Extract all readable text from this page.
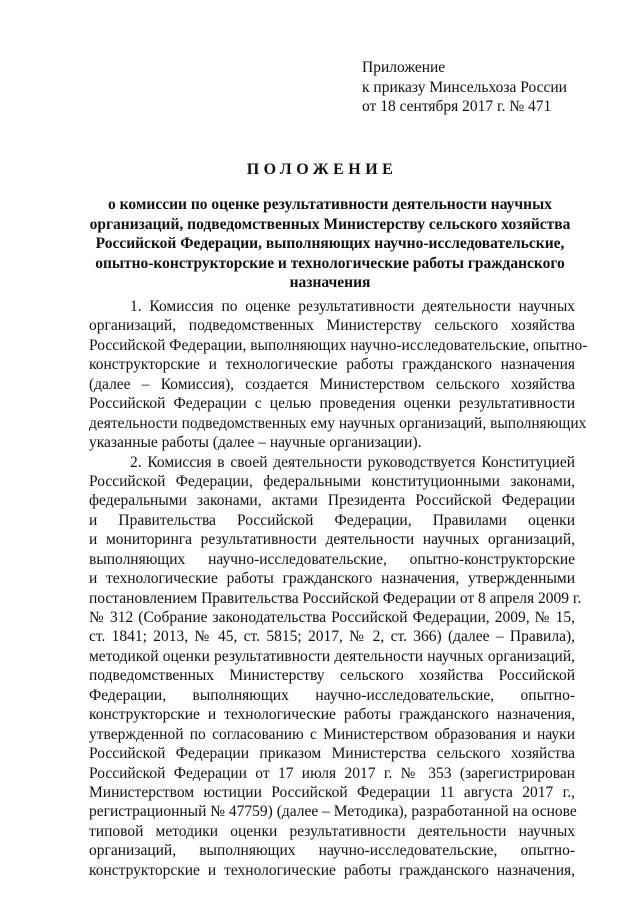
Приложение
к приказу Минсельхоза России
от 18 сентября 2017 г. № 471
ПОЛОЖЕНИЕ
о комиссии по оценке результативности деятельности научных
организаций, подведомственных Министерству сельского хозяйства
Российской Федерации, выполняющих научно-исследовательские,
опытно-конструкторские и технологические работы гражданского
назначения
1. Комиссия по оценке результативности деятельности научных
организаций, подведомственных Министерству сельского хозяйства
Российской Федерации, выполняющих научно-исследовательские, опытно-
конструкторские и технологические работы гражданского назначения
(далее – Комиссия), создается Министерством сельского хозяйства
Российской Федерации с целью проведения оценки результативности
деятельности подведомственных ему научных организаций, выполняющих
указанные работы (далее – научные организации).
2. Комиссия в своей деятельности руководствуется Конституцией
Российской Федерации, федеральными конституционными законами,
федеральными законами, актами Президента Российской Федерации
и Правительства Российской Федерации, Правилами оценки
и мониторинга результативности деятельности научных организаций,
выполняющих научно-исследовательские, опытно-конструкторские
и технологические работы гражданского назначения, утвержденными
постановлением Правительства Российской Федерации от 8 апреля 2009 г.
№ 312 (Собрание законодательства Российской Федерации, 2009, № 15,
ст. 1841; 2013, № 45, ст. 5815; 2017, № 2, ст. 366) (далее – Правила),
методикой оценки результативности деятельности научных организаций,
подведомственных Министерству сельского хозяйства Российской
Федерации, выполняющих научно-исследовательские, опытно-
конструкторские и технологические работы гражданского назначения,
утвержденной по согласованию с Министерством образования и науки
Российской Федерации приказом Министерства сельского хозяйства
Российской Федерации от 17 июля 2017 г. № 353 (зарегистрирован
Министерством юстиции Российской Федерации 11 августа 2017 г.,
регистрационный № 47759) (далее – Методика), разработанной на основе
типовой методики оценки результативности деятельности научных
организаций, выполняющих научно-исследовательские, опытно-
конструкторские и технологические работы гражданского назначения,
